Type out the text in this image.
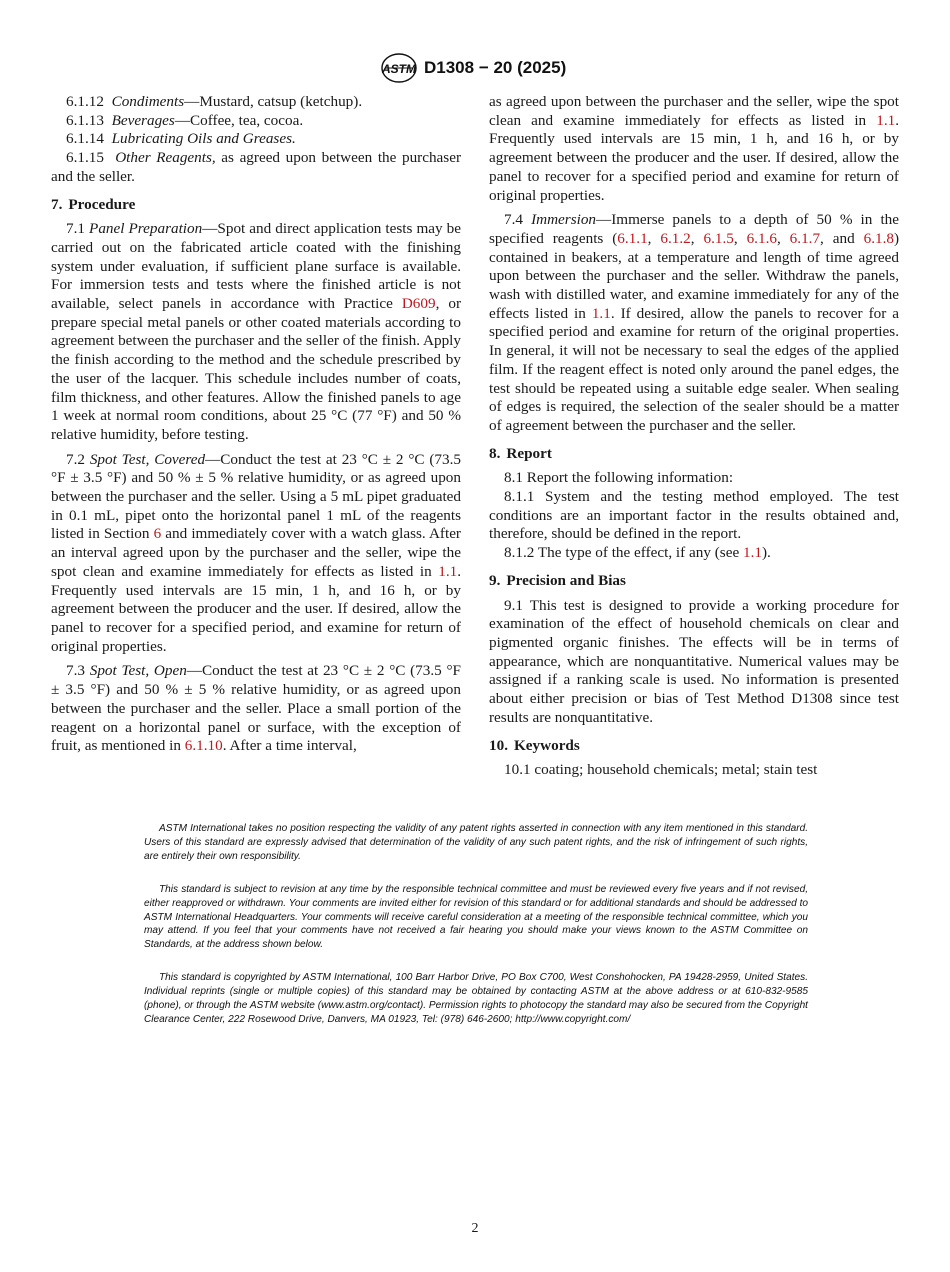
ASTM D1308 − 20 (2025)

6.1.12 Condiments—Mustard, catsup (ketchup).

6.1.13 Beverages—Coffee, tea, cocoa.

6.1.14 Lubricating Oils and Greases.

6.1.15 Other Reagents, as agreed upon between the purchaser and the seller.

7. Procedure

7.1 Panel Preparation—Spot and direct application tests may be carried out on the fabricated article coated with the finishing system under evaluation, if sufficient plane surface is available. For immersion tests and tests where the finished article is not available, select panels in accordance with Practice D609, or prepare special metal panels or other coated materials according to agreement between the purchaser and the seller of the finish. Apply the finish according to the method and the schedule prescribed by the user of the lacquer. This schedule includes number of coats, film thickness, and other features. Allow the finished panels to age 1 week at normal room conditions, about 25 °C (77 °F) and 50 % relative humidity, before testing.

7.2 Spot Test, Covered—Conduct the test at 23 °C ± 2 °C (73.5 °F ± 3.5 °F) and 50 % ± 5 % relative humidity, or as agreed upon between the purchaser and the seller. Using a 5 mL pipet graduated in 0.1 mL, pipet onto the horizontal panel 1 mL of the reagents listed in Section 6 and immediately cover with a watch glass. After an interval agreed upon by the purchaser and the seller, wipe the spot clean and examine immediately for effects as listed in 1.1. Frequently used intervals are 15 min, 1 h, and 16 h, or by agreement between the producer and the user. If desired, allow the panel to recover for a specified period, and examine for return of original properties.

7.3 Spot Test, Open—Conduct the test at 23 °C ± 2 °C (73.5 °F ± 3.5 °F) and 50 % ± 5 % relative humidity, or as agreed upon between the purchaser and the seller. Place a small portion of the reagent on a horizontal panel or surface, with the exception of fruit, as mentioned in 6.1.10. After a time interval,

as agreed upon between the purchaser and the seller, wipe the spot clean and examine immediately for effects as listed in 1.1. Frequently used intervals are 15 min, 1 h, and 16 h, or by agreement between the producer and the user. If desired, allow the panel to recover for a specified period and examine for return of original properties.

7.4 Immersion—Immerse panels to a depth of 50 % in the specified reagents (6.1.1, 6.1.2, 6.1.5, 6.1.6, 6.1.7, and 6.1.8) contained in beakers, at a temperature and length of time agreed upon between the purchaser and the seller. Withdraw the panels, wash with distilled water, and examine immediately for any of the effects listed in 1.1. If desired, allow the panels to recover for a specified period and examine for return of the original properties. In general, it will not be necessary to seal the edges of the applied film. If the reagent effect is noted only around the panel edges, the test should be repeated using a suitable edge sealer. When sealing of edges is required, the selection of the sealer should be a matter of agreement between the purchaser and the seller.

8. Report

8.1 Report the following information:

8.1.1 System and the testing method employed. The test conditions are an important factor in the results obtained and, therefore, should be defined in the report.

8.1.2 The type of the effect, if any (see 1.1).

9. Precision and Bias

9.1 This test is designed to provide a working procedure for examination of the effect of household chemicals on clear and pigmented organic finishes. The effects will be in terms of appearance, which are nonquantitative. Numerical values may be assigned if a ranking scale is used. No information is presented about either precision or bias of Test Method D1308 since test results are nonquantitative.

10. Keywords

10.1 coating; household chemicals; metal; stain test

ASTM International takes no position respecting the validity of any patent rights asserted in connection with any item mentioned in this standard. Users of this standard are expressly advised that determination of the validity of any such patent rights, and the risk of infringement of such rights, are entirely their own responsibility.

This standard is subject to revision at any time by the responsible technical committee and must be reviewed every five years and if not revised, either reapproved or withdrawn. Your comments are invited either for revision of this standard or for additional standards and should be addressed to ASTM International Headquarters. Your comments will receive careful consideration at a meeting of the responsible technical committee, which you may attend. If you feel that your comments have not received a fair hearing you should make your views known to the ASTM Committee on Standards, at the address shown below.

This standard is copyrighted by ASTM International, 100 Barr Harbor Drive, PO Box C700, West Conshohocken, PA 19428-2959, United States. Individual reprints (single or multiple copies) of this standard may be obtained by contacting ASTM at the above address or at 610-832-9585 (phone), or through the ASTM website (www.astm.org/contact). Permission rights to photocopy the standard may also be secured from the Copyright Clearance Center, 222 Rosewood Drive, Danvers, MA 01923, Tel: (978) 646-2600; http://www.copyright.com/

2
